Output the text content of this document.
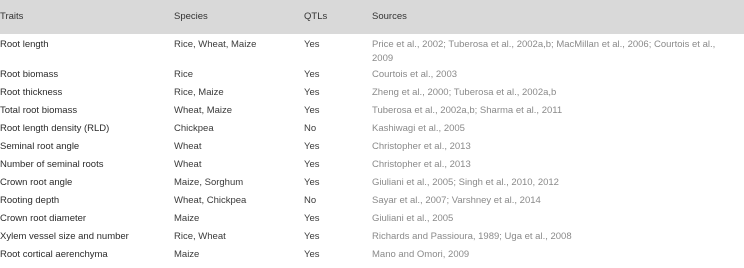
Traits	Species	QTLs	Sources
Root length	Rice, Wheat, Maize	Yes	Price et al., 2002; Tuberosa et al., 2002a,b; MacMillan et al., 2006; Courtois et al.,
2009
Root biomass	Rice	Yes	Courtois et al., 2003
Root thickness	Rice, Maize	Yes	Zheng et al., 2000; Tuberosa et al., 2002a,b
Total root biomass	Wheat, Maize	Yes	Tuberosa et al., 2002a,b; Sharma et al., 2011
Root length density (RLD)	Chickpea	No	Kashiwagi et al., 2005
Seminal root angle	Wheat	Yes	Christopher et al., 2013
Number of seminal roots	Wheat	Yes	Christopher et al., 2013
Crown root angle	Maize, Sorghum	Yes	Giuliani et al., 2005; Singh et al., 2010, 2012
Rooting depth	Wheat, Chickpea	No	Sayar et al., 2007; Varshney et al., 2014
Crown root diameter	Maize	Yes	Giuliani et al., 2005
Xylem vessel size and number	Rice, Wheat	Yes	Richards and Passioura, 1989; Uga et al., 2008
Root cortical aerenchyma	Maize	Yes	Mano and Omori, 2009
